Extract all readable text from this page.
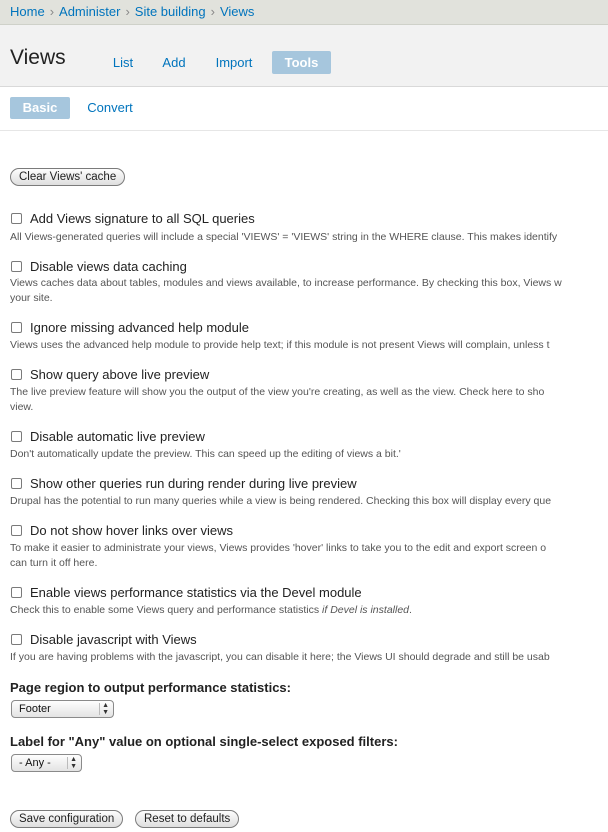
Home › Administer › Site building › Views
Views	List	Add	Import	Tools
Basic	Convert
Clear Views' cache
Add Views signature to all SQL queries
All Views-generated queries will include a special 'VIEWS' = 'VIEWS' string in the WHERE clause. This makes identify
Disable views data caching
Views caches data about tables, modules and views available, to increase performance. By checking this box, Views w
your site.
Ignore missing advanced help module
Views uses the advanced help module to provide help text; if this module is not present Views will complain, unless t
Show query above live preview
The live preview feature will show you the output of the view you're creating, as well as the view. Check here to sho
view.
Disable automatic live preview
Don't automatically update the preview. This can speed up the editing of views a bit.'
Show other queries run during render during live preview
Drupal has the potential to run many queries while a view is being rendered. Checking this box will display every que
Do not show hover links over views
To make it easier to administrate your views, Views provides 'hover' links to take you to the edit and export screen o
can turn it off here.
Enable views performance statistics via the Devel module
Check this to enable some Views query and performance statistics if Devel is installed.
Disable javascript with Views
If you are having problems with the javascript, you can disable it here; the Views UI should degrade and still be usab
Page region to output performance statistics:
Footer	▲
▼
Label for "Any" value on optional single-select exposed filters:
- Any -	▲
▼
Save configuration	Reset to defaults
